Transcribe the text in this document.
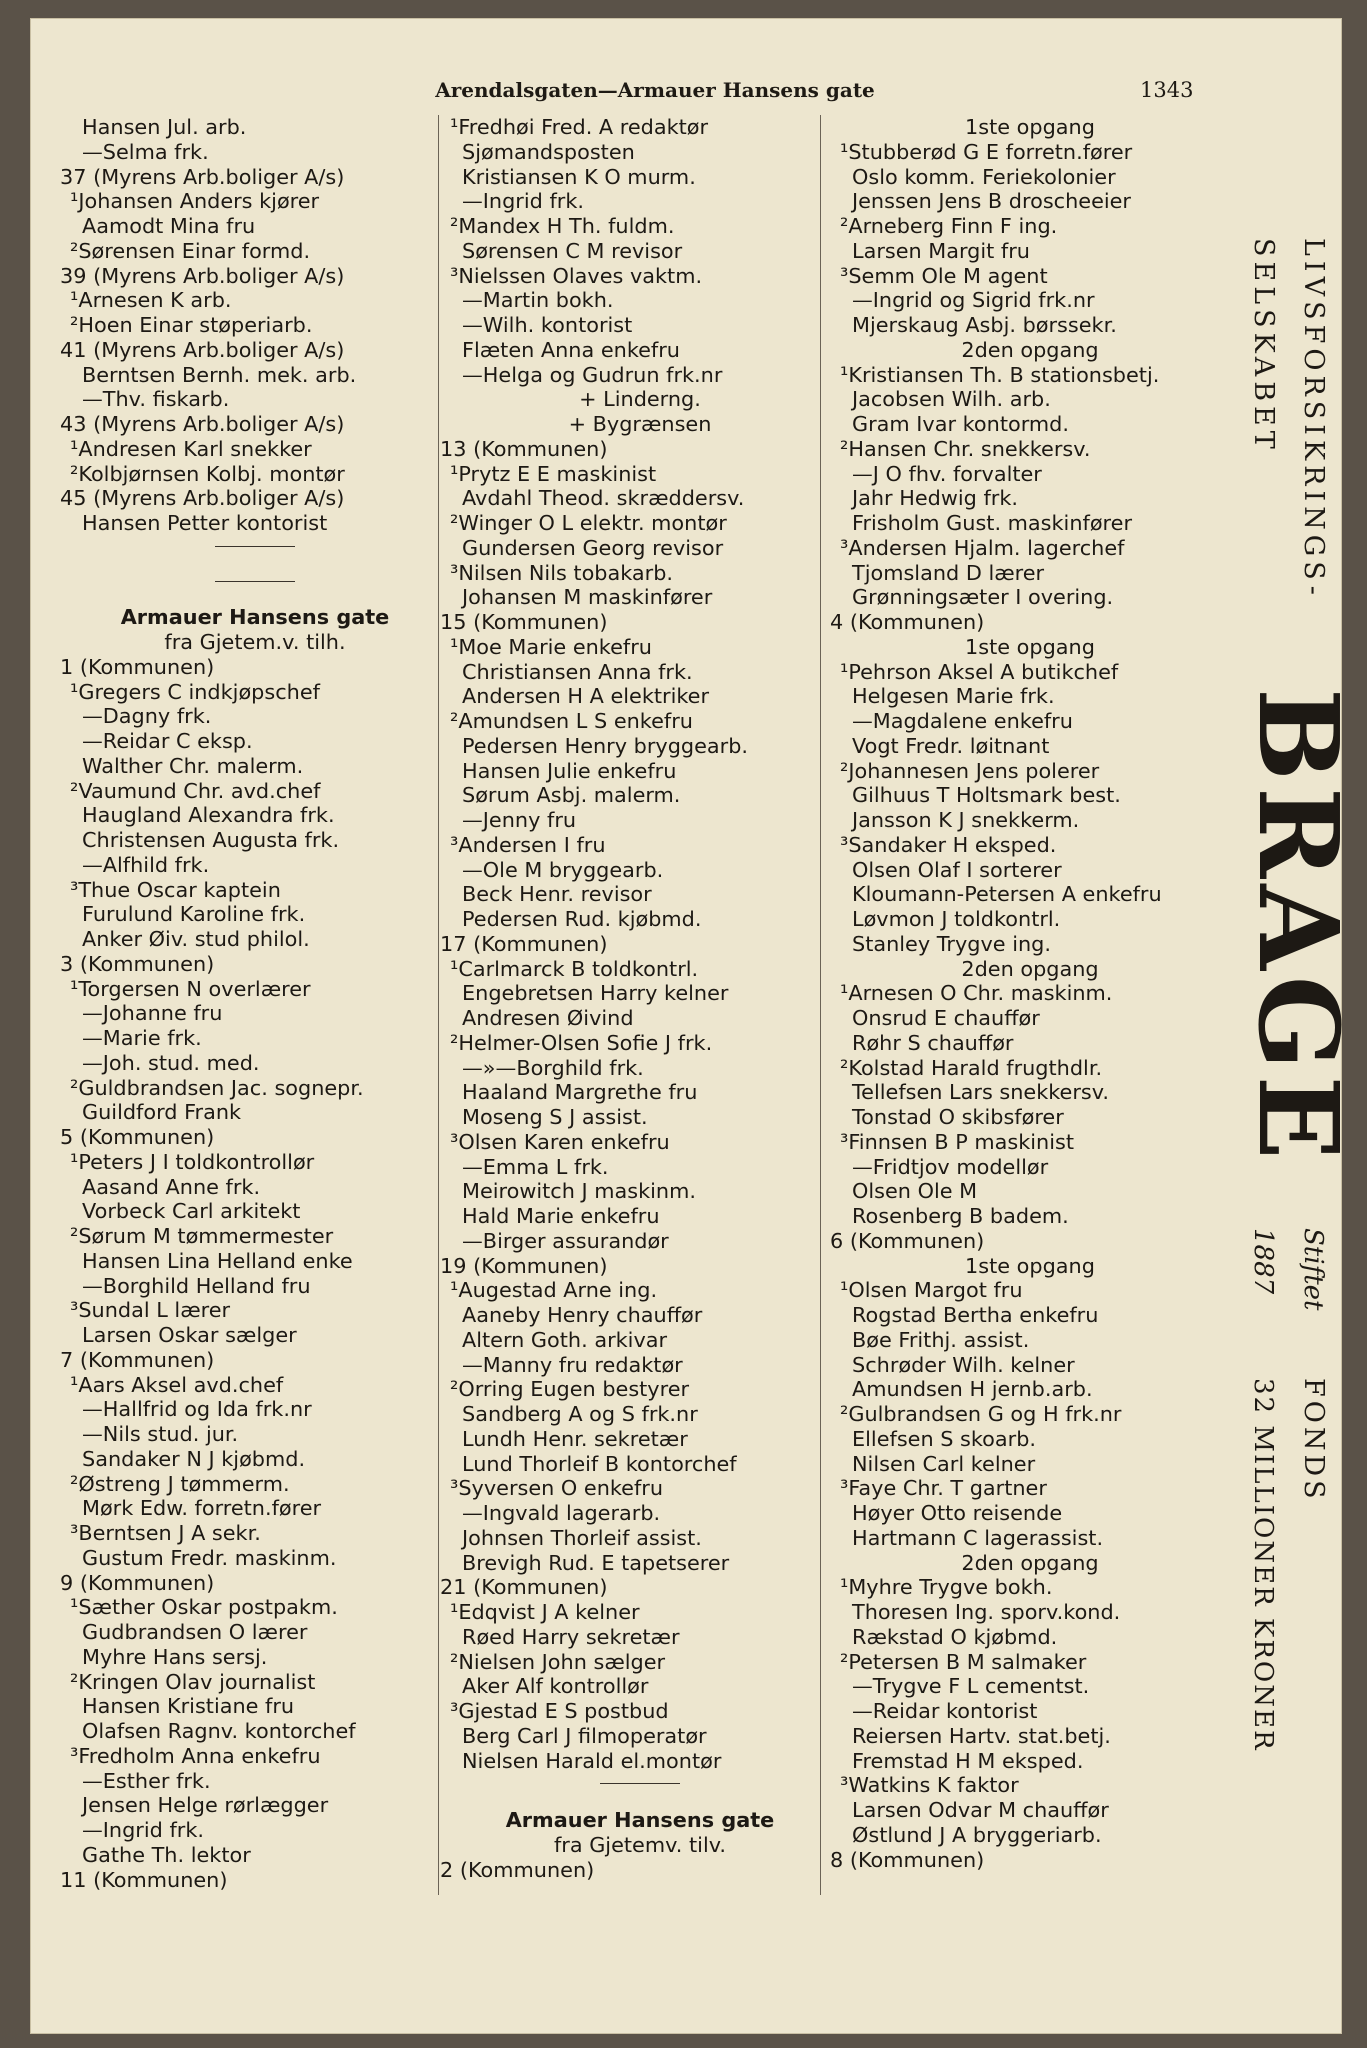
Arendalsgaten—Armauer Hansens gate	1343
Hansen Jul. arb.
—Selma frk.
37 (Myrens Arb.boliger A/s)
¹Johansen Anders kjører
Aamodt Mina fru
²Sørensen Einar formd.
39 (Myrens Arb.boliger A/s)
¹Arnesen K arb.
²Hoen Einar støperiarb.
41 (Myrens Arb.boliger A/s)
Berntsen Bernh. mek. arb.
—Thv. fiskarb.
43 (Myrens Arb.boliger A/s)
¹Andresen Karl snekker
²Kolbjørnsen Kolbj. montør
45 (Myrens Arb.boliger A/s)
Hansen Petter kontorist
Armauer Hansens gate
fra Gjetem.v. tilh.
1 (Kommunen)
¹Gregers C indkjøpschef
—Dagny frk.
—Reidar C eksp.
Walther Chr. malerm.
²Vaumund Chr. avd.chef
Haugland Alexandra frk.
Christensen Augusta frk.
—Alfhild frk.
³Thue Oscar kaptein
Furulund Karoline frk.
Anker Øiv. stud philol.
3 (Kommunen)
¹Torgersen N overlærer
—Johanne fru
—Marie frk.
—Joh. stud. med.
²Guldbrandsen Jac. sognepr.
Guildford Frank
5 (Kommunen)
¹Peters J I toldkontrollør
Aasand Anne frk.
Vorbeck Carl arkitekt
²Sørum M tømmermester
Hansen Lina Helland enke
—Borghild Helland fru
³Sundal L lærer
Larsen Oskar sælger
7 (Kommunen)
¹Aars Aksel avd.chef
—Hallfrid og Ida frk.nr
—Nils stud. jur.
Sandaker N J kjøbmd.
²Østreng J tømmerm.
Mørk Edw. forretn.fører
³Berntsen J A sekr.
Gustum Fredr. maskinm.
9 (Kommunen)
¹Sæther Oskar postpakm.
Gudbrandsen O lærer
Myhre Hans sersj.
²Kringen Olav journalist
Hansen Kristiane fru
Olafsen Ragnv. kontorchef
³Fredholm Anna enkefru
—Esther frk.
Jensen Helge rørlægger
—Ingrid frk.
Gathe Th. lektor
11 (Kommunen)
¹Fredhøi Fred. A redaktør
Sjømandsposten
Kristiansen K O murm.
—Ingrid frk.
²Mandex H Th. fuldm.
Sørensen C M revisor
³Nielssen Olaves vaktm.
—Martin bokh.
—Wilh. kontorist
Flæten Anna enkefru
—Helga og Gudrun frk.nr
+ Linderng.
+ Bygrænsen
13 (Kommunen)
¹Prytz E E maskinist
Avdahl Theod. skræddersv.
²Winger O L elektr. montør
Gundersen Georg revisor
³Nilsen Nils tobakarb.
Johansen M maskinfører
15 (Kommunen)
¹Moe Marie enkefru
Christiansen Anna frk.
Andersen H A elektriker
²Amundsen L S enkefru
Pedersen Henry bryggearb.
Hansen Julie enkefru
Sørum Asbj. malerm.
—Jenny fru
³Andersen I fru
—Ole M bryggearb.
Beck Henr. revisor
Pedersen Rud. kjøbmd.
17 (Kommunen)
¹Carlmarck B toldkontrl.
Engebretsen Harry kelner
Andresen Øivind
²Helmer-Olsen Sofie J frk.
—»—Borghild frk.
Haaland Margrethe fru
Moseng S J assist.
³Olsen Karen enkefru
—Emma L frk.
Meirowitch J maskinm.
Hald Marie enkefru
—Birger assurandør
19 (Kommunen)
¹Augestad Arne ing.
Aaneby Henry chauffør
Altern Goth. arkivar
—Manny fru redaktør
²Orring Eugen bestyrer
Sandberg A og S frk.nr
Lundh Henr. sekretær
Lund Thorleif B kontorchef
³Syversen O enkefru
—Ingvald lagerarb.
Johnsen Thorleif assist.
Brevigh Rud. E tapetserer
21 (Kommunen)
¹Edqvist J A kelner
Røed Harry sekretær
²Nielsen John sælger
Aker Alf kontrollør
³Gjestad E S postbud
Berg Carl J filmoperatør
Nielsen Harald el.montør
Armauer Hansens gate
fra Gjetemv. tilv.
2 (Kommunen)
1ste opgang
¹Stubberød G E forretn.fører
Oslo komm. Feriekolonier
Jenssen Jens B droscheeier
²Arneberg Finn F ing.
Larsen Margit fru
³Semm Ole M agent
—Ingrid og Sigrid frk.nr
Mjerskaug Asbj. børssekr.
2den opgang
¹Kristiansen Th. B stationsbetj.
Jacobsen Wilh. arb.
Gram Ivar kontormd.
²Hansen Chr. snekkersv.
—J O fhv. forvalter
Jahr Hedwig frk.
Frisholm Gust. maskinfører
³Andersen Hjalm. lagerchef
Tjomsland D lærer
Grønningsæter I overing.
4 (Kommunen)
1ste opgang
¹Pehrson Aksel A butikchef
Helgesen Marie frk.
—Magdalene enkefru
Vogt Fredr. løitnant
²Johannesen Jens polerer
Gilhuus T Holtsmark best.
Jansson K J snekkerm.
³Sandaker H eksped.
Olsen Olaf I sorterer
Kloumann-Petersen A enkefru
Løvmon J toldkontrl.
Stanley Trygve ing.
2den opgang
¹Arnesen O Chr. maskinm.
Onsrud E chauffør
Røhr S chauffør
²Kolstad Harald frugthdlr.
Tellefsen Lars snekkersv.
Tonstad O skibsfører
³Finnsen B P maskinist
—Fridtjov modellør
Olsen Ole M
Rosenberg B badem.
6 (Kommunen)
1ste opgang
¹Olsen Margot fru
Rogstad Bertha enkefru
Bøe Frithj. assist.
Schrøder Wilh. kelner
Amundsen H jernb.arb.
²Gulbrandsen G og H frk.nr
Ellefsen S skoarb.
Nilsen Carl kelner
³Faye Chr. T gartner
Høyer Otto reisende
Hartmann C lagerassist.
2den opgang
¹Myhre Trygve bokh.
Thoresen Ing. sporv.kond.
Rækstad O kjøbmd.
²Petersen B M salmaker
—Trygve F L cementst.
—Reidar kontorist
Reiersen Hartv. stat.betj.
Fremstad H M eksped.
³Watkins K faktor
Larsen Odvar M chauffør
Østlund J A bryggeriarb.
8 (Kommunen)
LIVSFORSIKRINGS-
SELSKABET
BRAGE
Stiftet
1887
FONDS
32 MILLIONER KRONER
